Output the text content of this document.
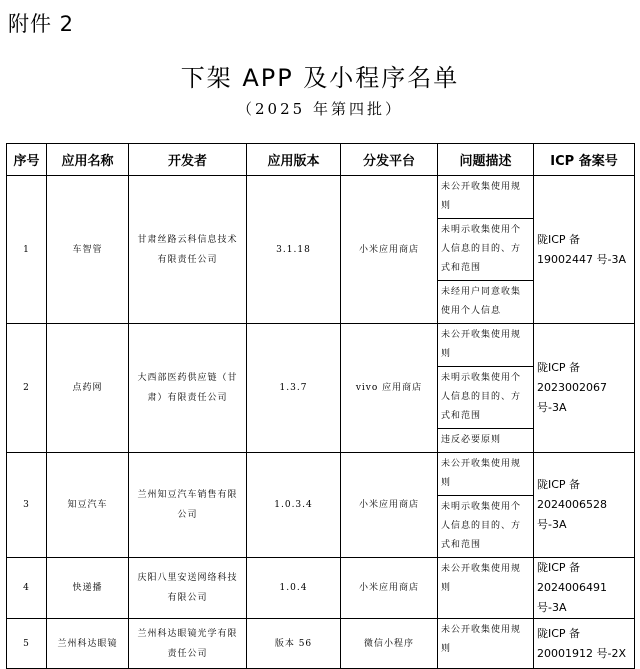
附件 2
下架 APP 及小程序名单
（2025 年第四批）
序号	应用名称	开发者	应用版本	分发平台	问题描述	ICP 备案号
1	车智管	甘肃丝路云科信息技术有限责任公司	3.1.18	小米应用商店	未公开收集使用规则
未明示收集使用个人信息的目的、方式和范围
未经用户同意收集使用个人信息	陇ICP 备 19002447 号-3A
2	点药网	大西部医药供应链（甘肃）有限责任公司	1.3.7	vivo 应用商店	未公开收集使用规则
未明示收集使用个人信息的目的、方式和范围
违反必要原则	陇ICP 备 2023002067 号-3A
3	知豆汽车	兰州知豆汽车销售有限公司	1.0.3.4	小米应用商店	未公开收集使用规则
未明示收集使用个人信息的目的、方式和范围	陇ICP 备 2024006528 号-3A
4	快递播	庆阳八里安送网络科技有限公司	1.0.4	小米应用商店	未公开收集使用规则	陇ICP 备 2024006491 号-3A
5	兰州科达眼镜	兰州科达眼镜光学有限责任公司	版本 56	微信小程序	未公开收集使用规则	陇ICP 备 20001912 号-2X
